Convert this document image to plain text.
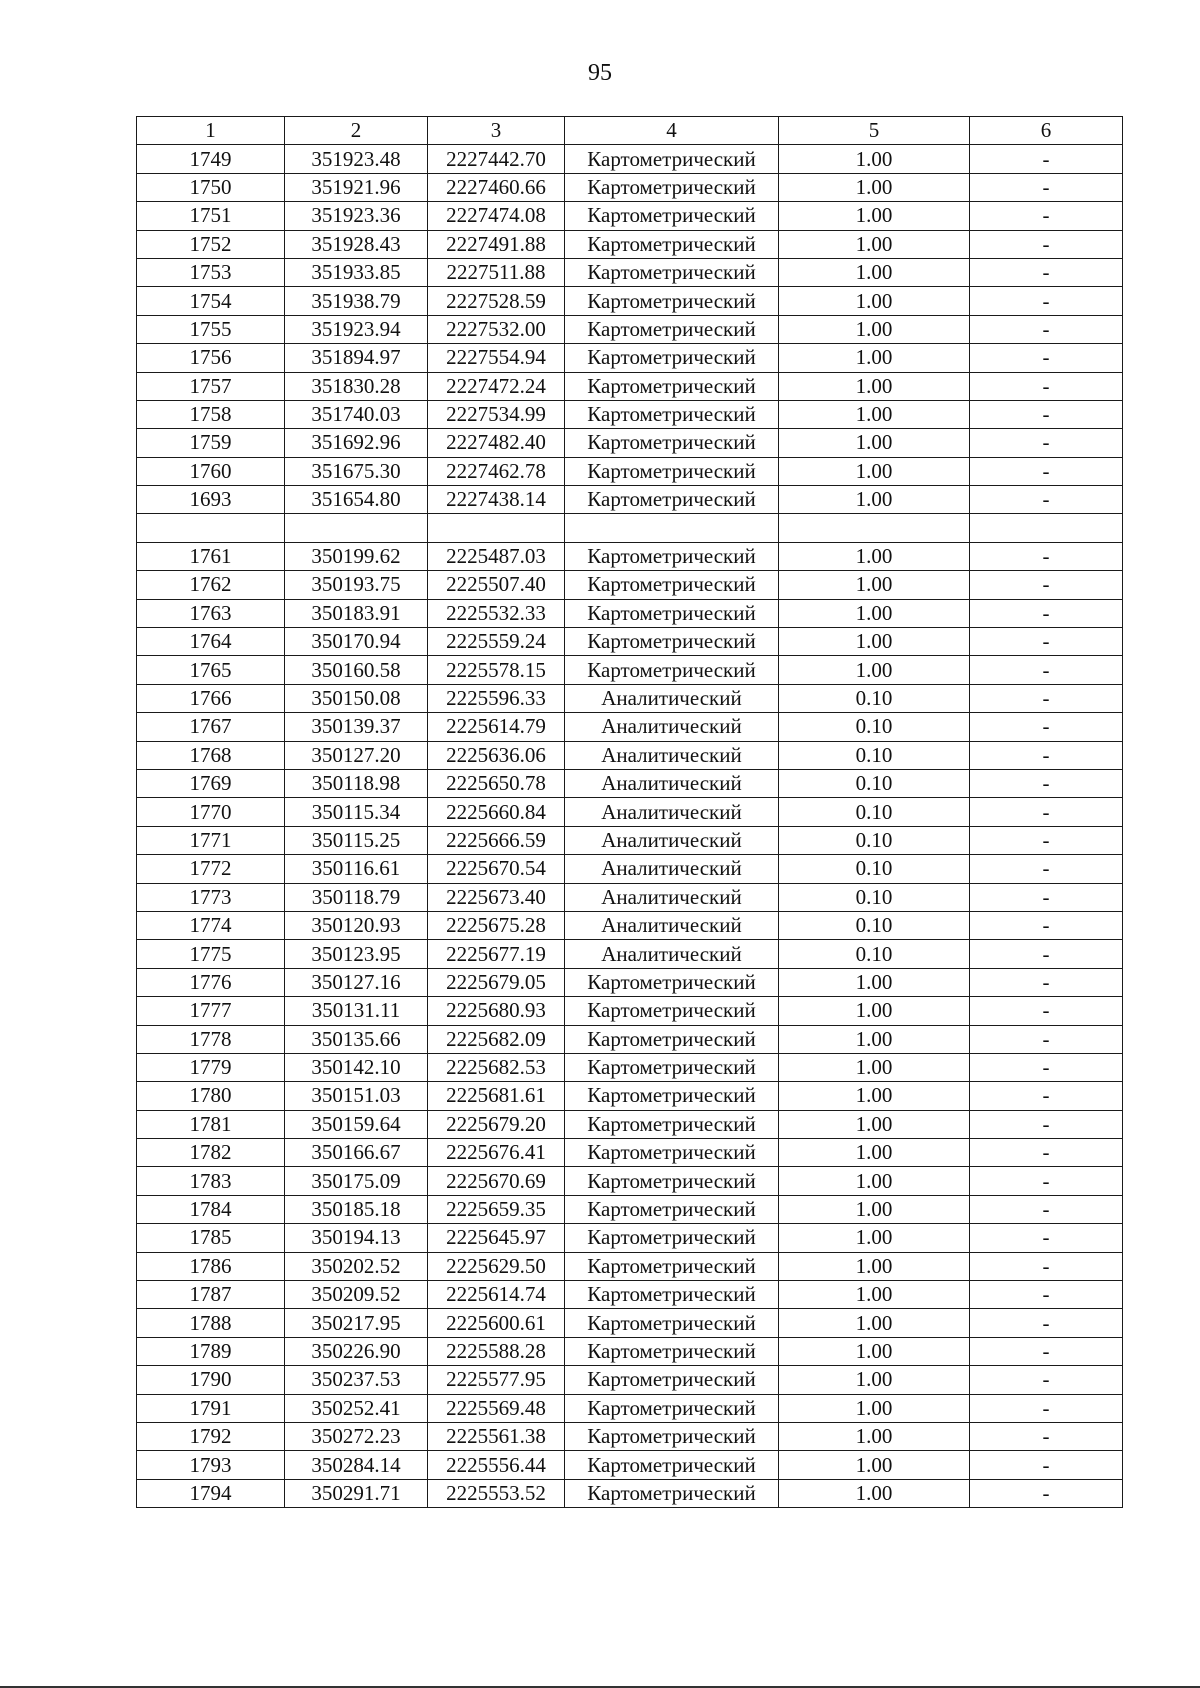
95
1	2	3	4	5	6
1749	351923.48	2227442.70	Картометрический	1.00	-
1750	351921.96	2227460.66	Картометрический	1.00	-
1751	351923.36	2227474.08	Картометрический	1.00	-
1752	351928.43	2227491.88	Картометрический	1.00	-
1753	351933.85	2227511.88	Картометрический	1.00	-
1754	351938.79	2227528.59	Картометрический	1.00	-
1755	351923.94	2227532.00	Картометрический	1.00	-
1756	351894.97	2227554.94	Картометрический	1.00	-
1757	351830.28	2227472.24	Картометрический	1.00	-
1758	351740.03	2227534.99	Картометрический	1.00	-
1759	351692.96	2227482.40	Картометрический	1.00	-
1760	351675.30	2227462.78	Картометрический	1.00	-
1693	351654.80	2227438.14	Картометрический	1.00	-

1761	350199.62	2225487.03	Картометрический	1.00	-
1762	350193.75	2225507.40	Картометрический	1.00	-
1763	350183.91	2225532.33	Картометрический	1.00	-
1764	350170.94	2225559.24	Картометрический	1.00	-
1765	350160.58	2225578.15	Картометрический	1.00	-
1766	350150.08	2225596.33	Аналитический	0.10	-
1767	350139.37	2225614.79	Аналитический	0.10	-
1768	350127.20	2225636.06	Аналитический	0.10	-
1769	350118.98	2225650.78	Аналитический	0.10	-
1770	350115.34	2225660.84	Аналитический	0.10	-
1771	350115.25	2225666.59	Аналитический	0.10	-
1772	350116.61	2225670.54	Аналитический	0.10	-
1773	350118.79	2225673.40	Аналитический	0.10	-
1774	350120.93	2225675.28	Аналитический	0.10	-
1775	350123.95	2225677.19	Аналитический	0.10	-
1776	350127.16	2225679.05	Картометрический	1.00	-
1777	350131.11	2225680.93	Картометрический	1.00	-
1778	350135.66	2225682.09	Картометрический	1.00	-
1779	350142.10	2225682.53	Картометрический	1.00	-
1780	350151.03	2225681.61	Картометрический	1.00	-
1781	350159.64	2225679.20	Картометрический	1.00	-
1782	350166.67	2225676.41	Картометрический	1.00	-
1783	350175.09	2225670.69	Картометрический	1.00	-
1784	350185.18	2225659.35	Картометрический	1.00	-
1785	350194.13	2225645.97	Картометрический	1.00	-
1786	350202.52	2225629.50	Картометрический	1.00	-
1787	350209.52	2225614.74	Картометрический	1.00	-
1788	350217.95	2225600.61	Картометрический	1.00	-
1789	350226.90	2225588.28	Картометрический	1.00	-
1790	350237.53	2225577.95	Картометрический	1.00	-
1791	350252.41	2225569.48	Картометрический	1.00	-
1792	350272.23	2225561.38	Картометрический	1.00	-
1793	350284.14	2225556.44	Картометрический	1.00	-
1794	350291.71	2225553.52	Картометрический	1.00	-
